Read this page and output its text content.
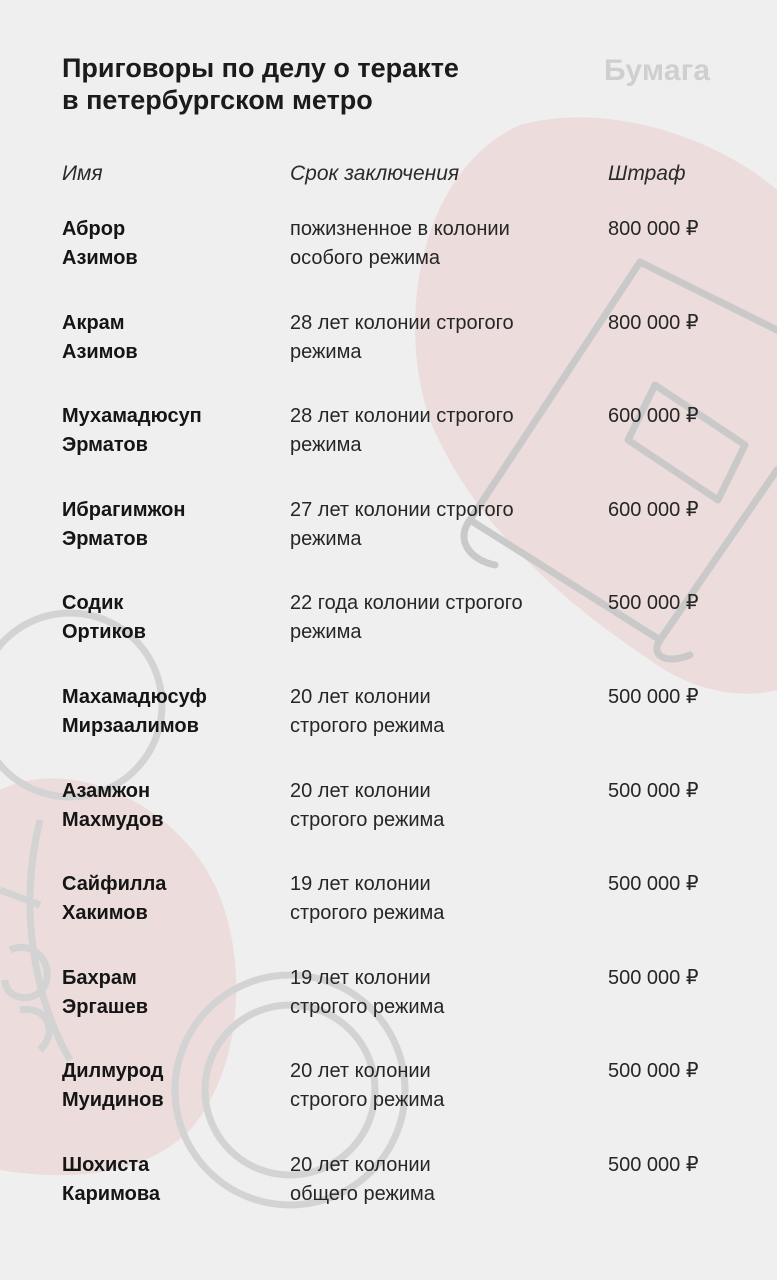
Приговоры по делу о теракте
в петербургском метро
Бумага
Имя	Срок заключения	Штраф
Аброр
Азимов
пожизненное в колонии
особого режима
800 000 ₽
Акрам
Азимов
28 лет колонии строгого
режима
800 000 ₽
Мухамадюсуп
Эрматов
28 лет колонии строгого
режима
600 000 ₽
Ибрагимжон
Эрматов
27 лет колонии строгого
режима
600 000 ₽
Содик
Ортиков
22 года колонии строгого
режима
500 000 ₽
Махамадюсуф
Мирзаалимов
20 лет колонии
строгого режима
500 000 ₽
Азамжон
Махмудов
20 лет колонии
строгого режима
500 000 ₽
Сайфилла
Хакимов
19 лет колонии
строгого режима
500 000 ₽
Бахрам
Эргашев
19 лет колонии
строгого режима
500 000 ₽
Дилмурод
Муидинов
20 лет колонии
строгого режима
500 000 ₽
Шохиста
Каримова
20 лет колонии
общего режима
500 000 ₽
